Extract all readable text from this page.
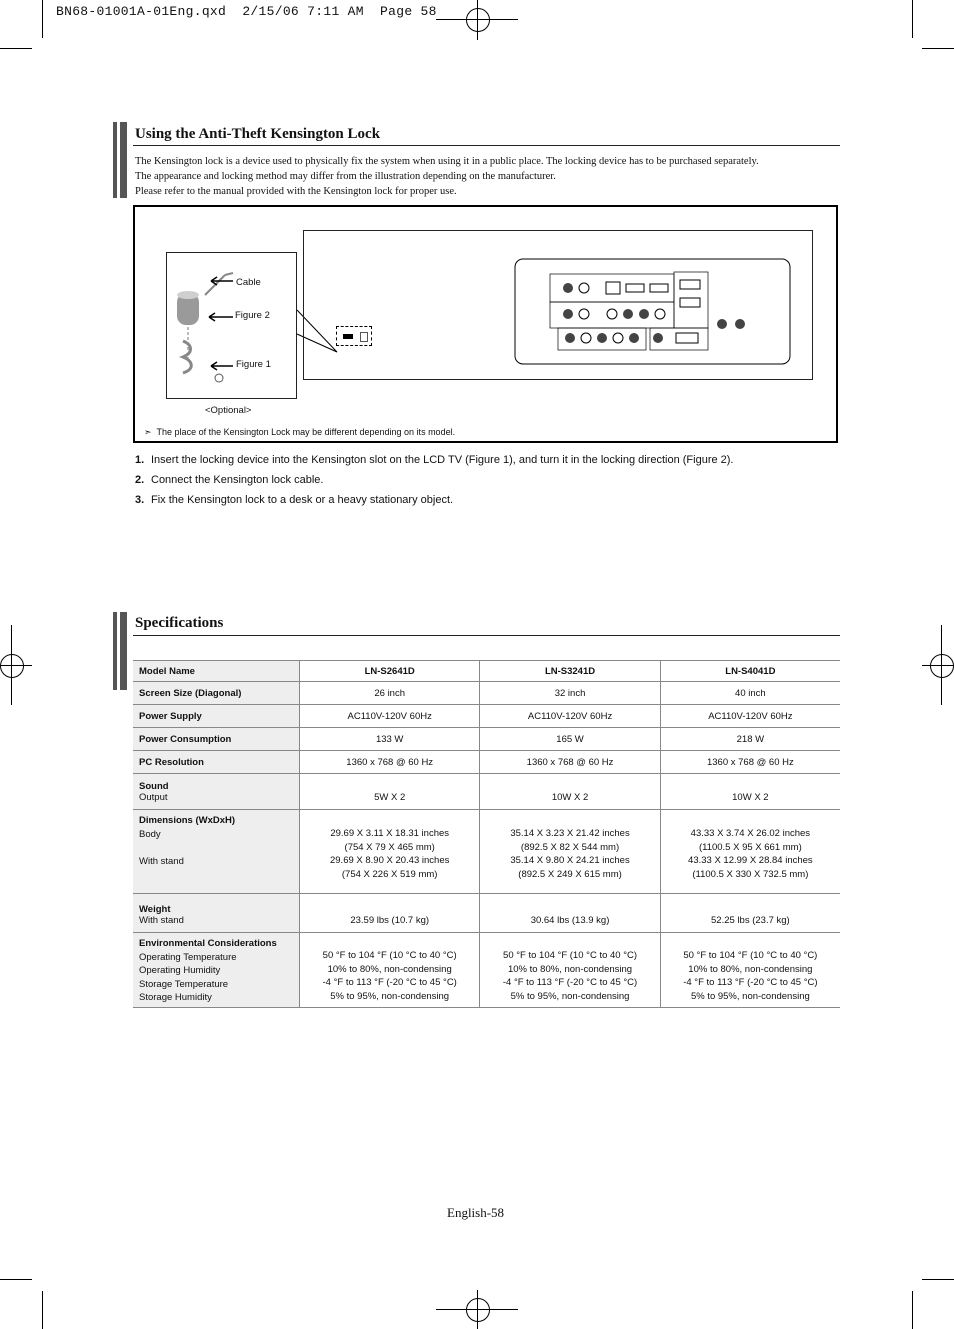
BN68-01001A-01Eng.qxd  2/15/06 7:11 AM  Page 58
Using the Anti-Theft Kensington Lock

The Kensington lock is a device used to physically fix the system when using it in a public place. The locking device has to be purchased separately.

The appearance and locking method may differ from the illustration depending on the manufacturer.

Please refer to the manual provided with the Kensington lock for proper use.

Cable
Figure 2
Figure 1
<Optional>
➣  The place of the Kensington Lock may be different depending on its model.
1. Insert the locking device into the Kensington slot on the LCD TV (Figure 1), and turn it in the locking direction (Figure 2).
2. Connect the Kensington lock cable.
3. Fix the Kensington lock to a desk or a heavy stationary object.
Specifications
Model Name	LN-S2641D	LN-S3241D	LN-S4041D

Screen Size (Diagonal)	26 inch	32 inch	40 inch

Power Supply	AC110V-120V 60Hz	AC110V-120V 60Hz	AC110V-120V 60Hz

Power Consumption	133 W	165 W	218 W

PC Resolution	1360 x 768 @ 60 Hz	1360 x 768 @ 60 Hz	1360 x 768 @ 60 Hz

Sound
Output	5W X 2	10W X 2	10W X 2

Dimensions (WxDxH)
Body

With stand	29.69 X 3.11 X 18.31 inches
(754 X 79 X 465 mm)
29.69 X 8.90 X 20.43 inches
(754 X 226 X 519 mm)	35.14 X 3.23 X 21.42 inches
(892.5 X 82 X 544 mm)
35.14 X 9.80 X 24.21 inches
(892.5 X 249 X 615 mm)	43.33 X 3.74 X 26.02 inches
(1100.5 X 95 X 661 mm)
43.33 X 12.99 X 28.84 inches
(1100.5 X 330 X 732.5 mm)

Weight
With stand	23.59 lbs (10.7 kg)	30.64 lbs (13.9 kg)	52.25 lbs (23.7 kg)

Environmental Considerations
Operating Temperature
Operating Humidity
Storage Temperature
Storage Humidity	50 °F to 104 °F (10 °C to 40 °C)
10% to 80%, non-condensing
-4 °F to 113 °F (-20 °C to 45 °C)
5% to 95%, non-condensing	50 °F to 104 °F (10 °C to 40 °C)
10% to 80%, non-condensing
-4 °F to 113 °F (-20 °C to 45 °C)
5% to 95%, non-condensing	50 °F to 104 °F (10 °C to 40 °C)
10% to 80%, non-condensing
-4 °F to 113 °F (-20 °C to 45 °C)
5% to 95%, non-condensing
English-58
